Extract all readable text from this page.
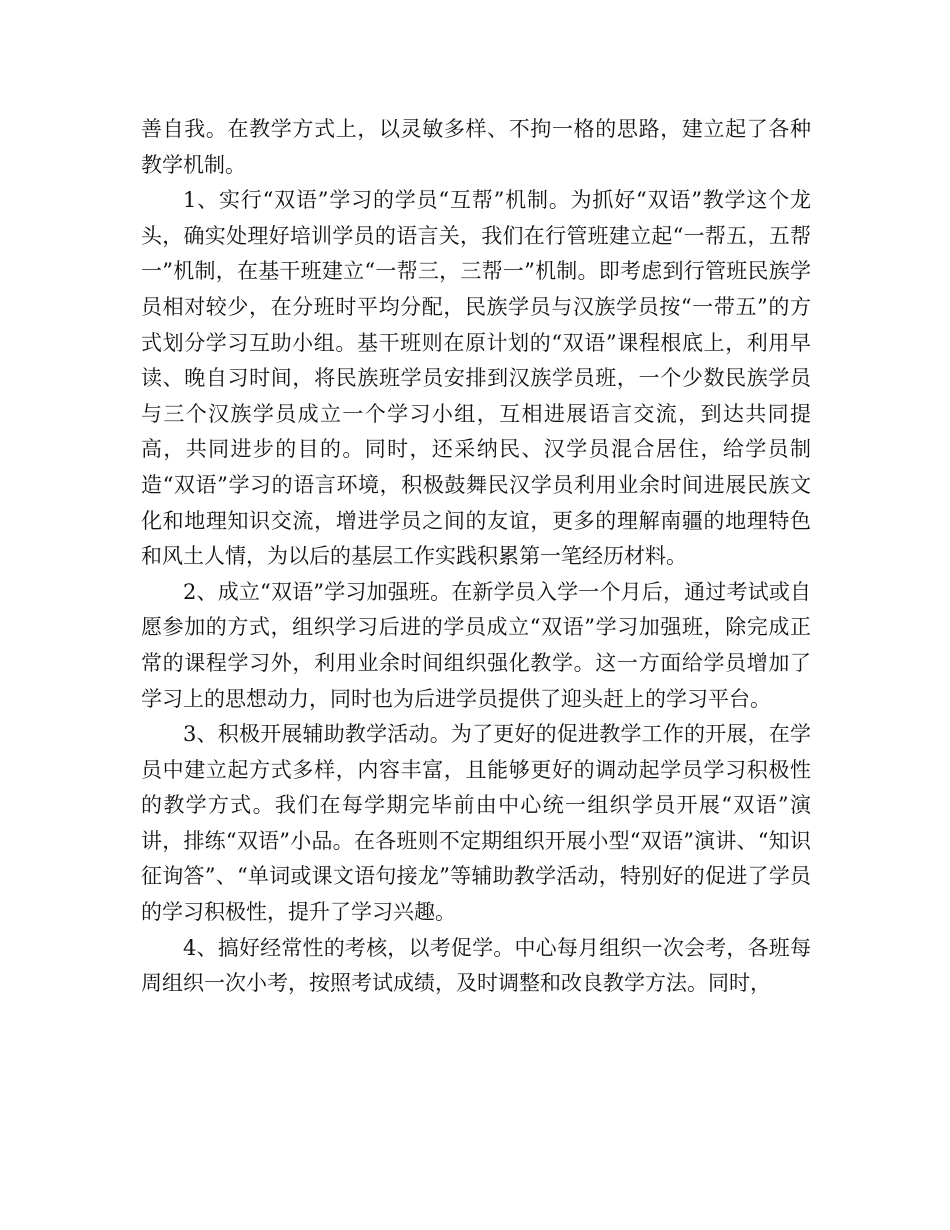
善自我。在教学方式上，以灵敏多样、不拘一格的思路，建立起了各种教学机制。

1、实行“双语”学习的学员“互帮”机制。为抓好“双语”教学这个龙头，确实处理好培训学员的语言关，我们在行管班建立起“一帮五，五帮一”机制，在基干班建立“一帮三，三帮一”机制。即考虑到行管班民族学员相对较少，在分班时平均分配，民族学员与汉族学员按“一带五”的方式划分学习互助小组。基干班则在原计划的“双语”课程根底上，利用早读、晚自习时间，将民族班学员安排到汉族学员班，一个少数民族学员与三个汉族学员成立一个学习小组，互相进展语言交流，到达共同提高，共同进步的目的。同时，还采纳民、汉学员混合居住，给学员制造“双语”学习的语言环境，积极鼓舞民汉学员利用业余时间进展民族文化和地理知识交流，增进学员之间的友谊，更多的理解南疆的地理特色和风土人情，为以后的基层工作实践积累第一笔经历材料。

2、成立“双语”学习加强班。在新学员入学一个月后，通过考试或自愿参加的方式，组织学习后进的学员成立“双语”学习加强班，除完成正常的课程学习外，利用业余时间组织强化教学。这一方面给学员增加了学习上的思想动力，同时也为后进学员提供了迎头赶上的学习平台。

3、积极开展辅助教学活动。为了更好的促进教学工作的开展，在学员中建立起方式多样，内容丰富，且能够更好的调动起学员学习积极性的教学方式。我们在每学期完毕前由中心统一组织学员开展“双语”演讲，排练“双语”小品。在各班则不定期组织开展小型“双语”演讲、“知识征询答”、“单词或课文语句接龙”等辅助教学活动，特别好的促进了学员的学习积极性，提升了学习兴趣。

4、搞好经常性的考核，以考促学。中心每月组织一次会考，各班每周组织一次小考，按照考试成绩，及时调整和改良教学方法。同时，
